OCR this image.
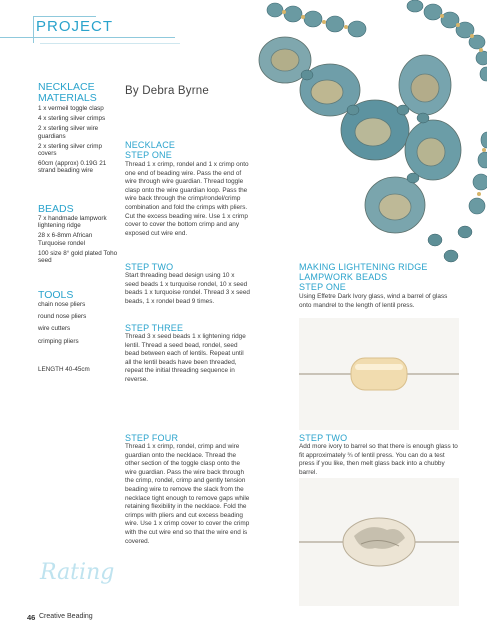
PROJECT
NECKLACE MATERIALS
1 x vermeil toggle clasp
4 x sterling silver crimps
2 x sterling silver wire guardians
2 x sterling silver crimp covers
60cm (approx) 0.19G 21 strand beading wire
BEADS
7 x handmade lampwork lightening ridge
28 x 6-8mm African Turquoise rondel
100 size 8° gold plated Toho seed
TOOLS
chain nose pliers
round nose pliers
wire cutters
crimping pliers
LENGTH 40-45cm
By Debra Byrne
NECKLACE
STEP ONE
Thread 1 x crimp, rondel and 1 x crimp onto one end of beading wire. Pass the end of wire through wire guardian. Thread toggle clasp onto the wire guardian loop. Pass the wire back through the crimp/rondel/crimp combination and fold the crimps with pliers. Cut the excess beading wire. Use 1 x crimp cover to cover the bottom crimp and any exposed cut wire end.
STEP TWO
Start threading bead design using 10 x seed beads 1 x turquoise rondel, 10 x seed beads 1 x turquoise rondel. Thread 3 x seed beads, 1 x rondel bead 9 times.
STEP THREE
Thread 3 x seed beads 1 x lightening ridge lentil. Thread a seed bead, rondel, seed bead between each of lentils. Repeat until all the lentil beads have been threaded, repeat the initial threading sequence in reverse.
STEP FOUR
Thread 1 x crimp, rondel, crimp and wire guardian onto the necklace. Thread the other section of the toggle clasp onto the wire guardian. Pass the wire back through the crimp, rondel, crimp and gently tension beading wire to remove the slack from the necklace tight enough to remove gaps while retaining flexibility in the necklace. Fold the crimps with pliers and cut excess beading wire. Use 1 x crimp cover to cover the crimp with the cut wire end so that the wire end is covered.
MAKING LIGHTENING RIDGE
LAMPWORK BEADS
STEP ONE
Using Effetre Dark Ivory glass, wind a barrel of glass onto mandrel to the length of lentil press.
STEP TWO
Add more ivory to barrel so that there is enough glass to fit approximately ¾ of lentil press. You can do a test press if you like, then melt glass back into a chubby barrel.
Rating
46 Creative Beading
